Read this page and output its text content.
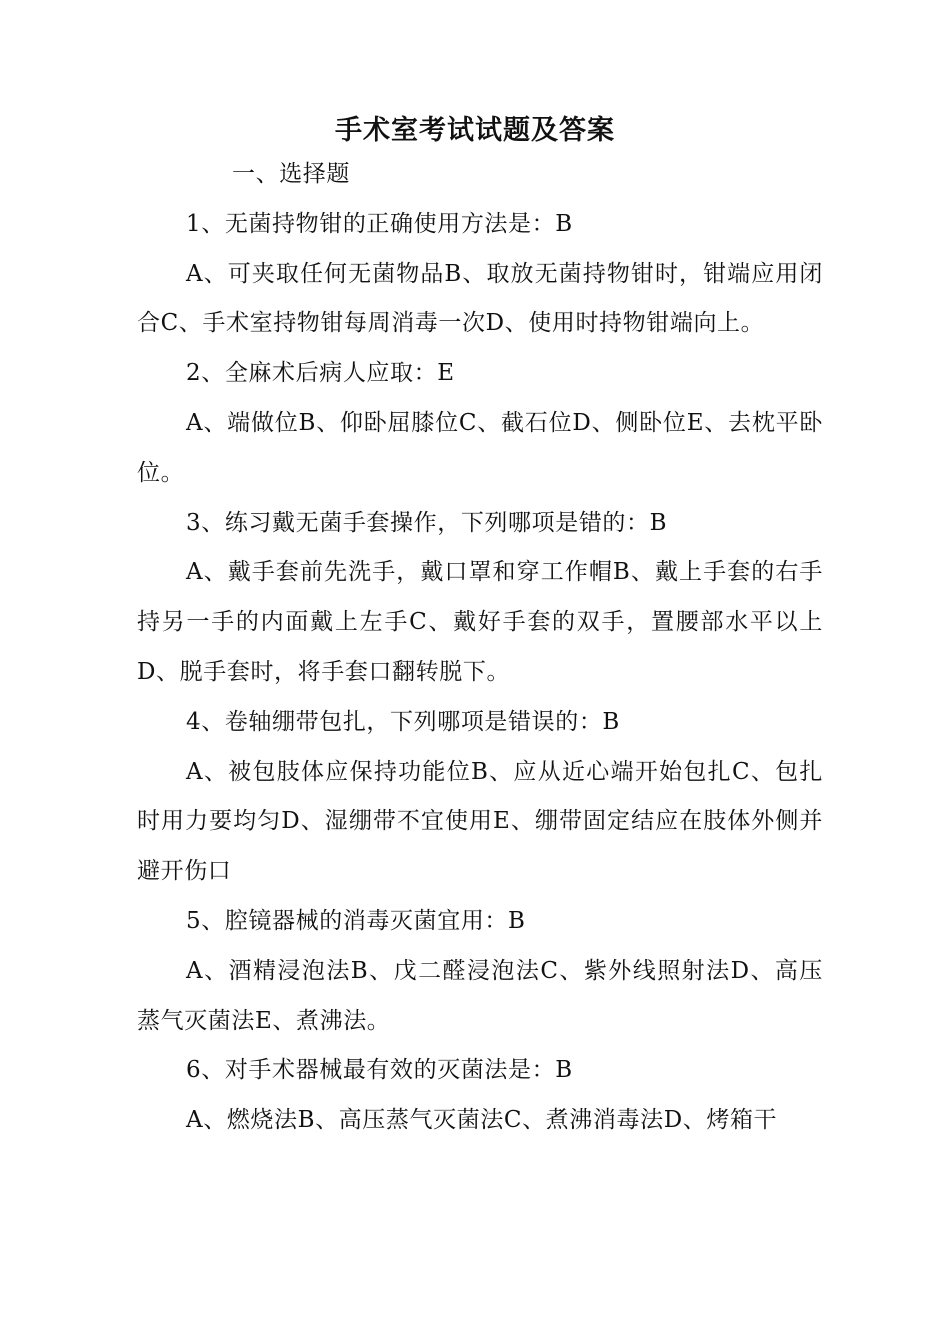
手术室考试试题及答案

一、选择题

1、无菌持物钳的正确使用方法是：B

A、可夹取任何无菌物品B、取放无菌持物钳时，钳端应用闭合C、手术室持物钳每周消毒一次D、使用时持物钳端向上。

2、全麻术后病人应取：E

A、端做位B、仰卧屈膝位C、截石位D、侧卧位E、去枕平卧位。

3、练习戴无菌手套操作，下列哪项是错的：B

A、戴手套前先洗手，戴口罩和穿工作帽B、戴上手套的右手持另一手的内面戴上左手C、戴好手套的双手，置腰部水平以上D、脱手套时，将手套口翻转脱下。

4、卷轴绷带包扎，下列哪项是错误的：B

A、被包肢体应保持功能位B、应从近心端开始包扎C、包扎时用力要均匀D、湿绷带不宜使用E、绷带固定结应在肢体外侧并避开伤口

5、腔镜器械的消毒灭菌宜用：B

A、酒精浸泡法B、戊二醛浸泡法C、紫外线照射法D、高压蒸气灭菌法E、煮沸法。

6、对手术器械最有效的灭菌法是：B

A、燃烧法B、高压蒸气灭菌法C、煮沸消毒法D、烤箱干
